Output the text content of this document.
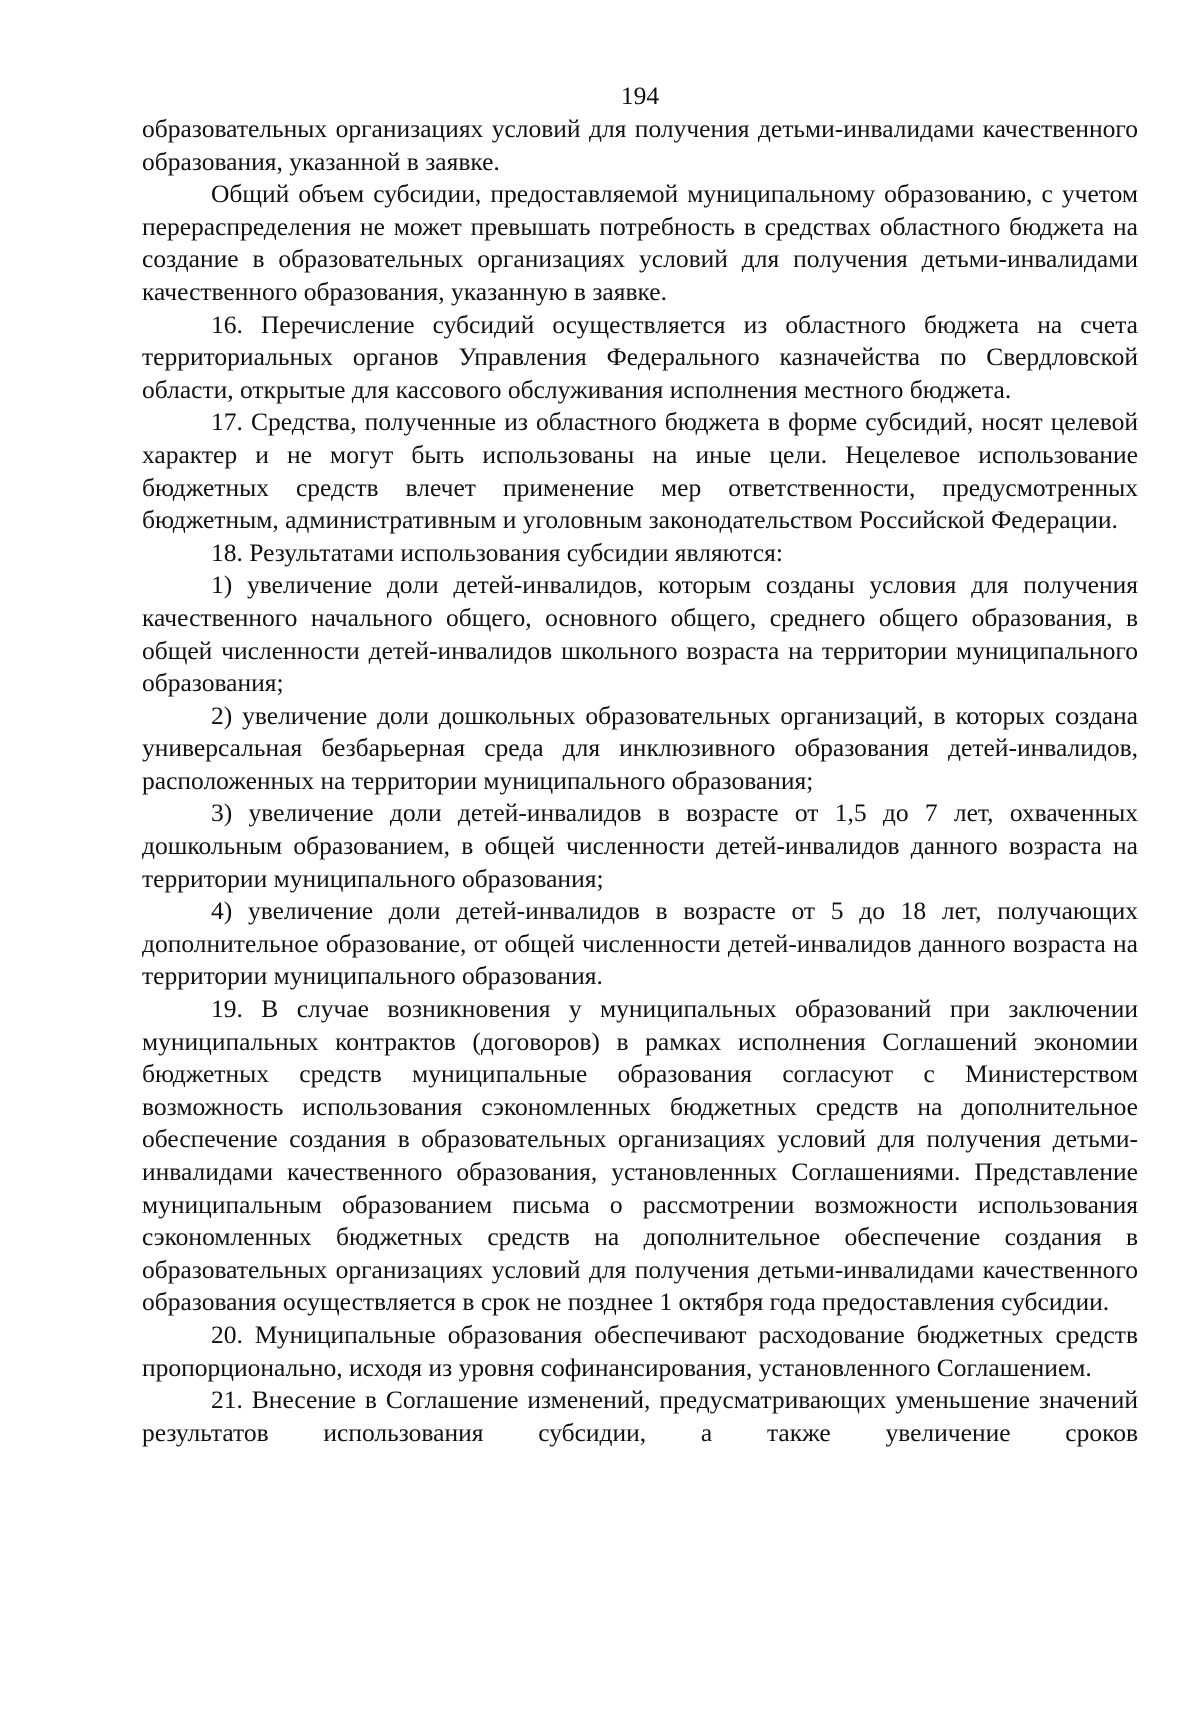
194

образовательных организациях условий для получения детьми-инвалидами качественного образования, указанной в заявке.

Общий объем субсидии, предоставляемой муниципальному образованию, с учетом перераспределения не может превышать потребность в средствах областного бюджета на создание в образовательных организациях условий для получения детьми-инвалидами качественного образования, указанную в заявке.

16. Перечисление субсидий осуществляется из областного бюджета на счета территориальных органов Управления Федерального казначейства по Свердловской области, открытые для кассового обслуживания исполнения местного бюджета.

17. Средства, полученные из областного бюджета в форме субсидий, носят целевой характер и не могут быть использованы на иные цели. Нецелевое использование бюджетных средств влечет применение мер ответственности, предусмотренных бюджетным, административным и уголовным законодательством Российской Федерации.

18. Результатами использования субсидии являются:

1) увеличение доли детей-инвалидов, которым созданы условия для получения качественного начального общего, основного общего, среднего общего образования, в общей численности детей-инвалидов школьного возраста на территории муниципального образования;

2) увеличение доли дошкольных образовательных организаций, в которых создана универсальная безбарьерная среда для инклюзивного образования детей-инвалидов, расположенных на территории муниципального образования;

3) увеличение доли детей-инвалидов в возрасте от 1,5 до 7 лет, охваченных дошкольным образованием, в общей численности детей-инвалидов данного возраста на территории муниципального образования;

4) увеличение доли детей-инвалидов в возрасте от 5 до 18 лет, получающих дополнительное образование, от общей численности детей-инвалидов данного возраста на территории муниципального образования.

19. В случае возникновения у муниципальных образований при заключении муниципальных контрактов (договоров) в рамках исполнения Соглашений экономии бюджетных средств муниципальные образования согласуют с Министерством возможность использования сэкономленных бюджетных средств на дополнительное обеспечение создания в образовательных организациях условий для получения детьми-инвалидами качественного образования, установленных Соглашениями. Представление муниципальным образованием письма о рассмотрении возможности использования сэкономленных бюджетных средств на дополнительное обеспечение создания в образовательных организациях условий для получения детьми-инвалидами качественного образования осуществляется в срок не позднее 1 октября года предоставления субсидии.

20. Муниципальные образования обеспечивают расходование бюджетных средств пропорционально, исходя из уровня софинансирования, установленного Соглашением.

21. Внесение в Соглашение изменений, предусматривающих уменьшение значений результатов использования субсидии, а также увеличение сроков
